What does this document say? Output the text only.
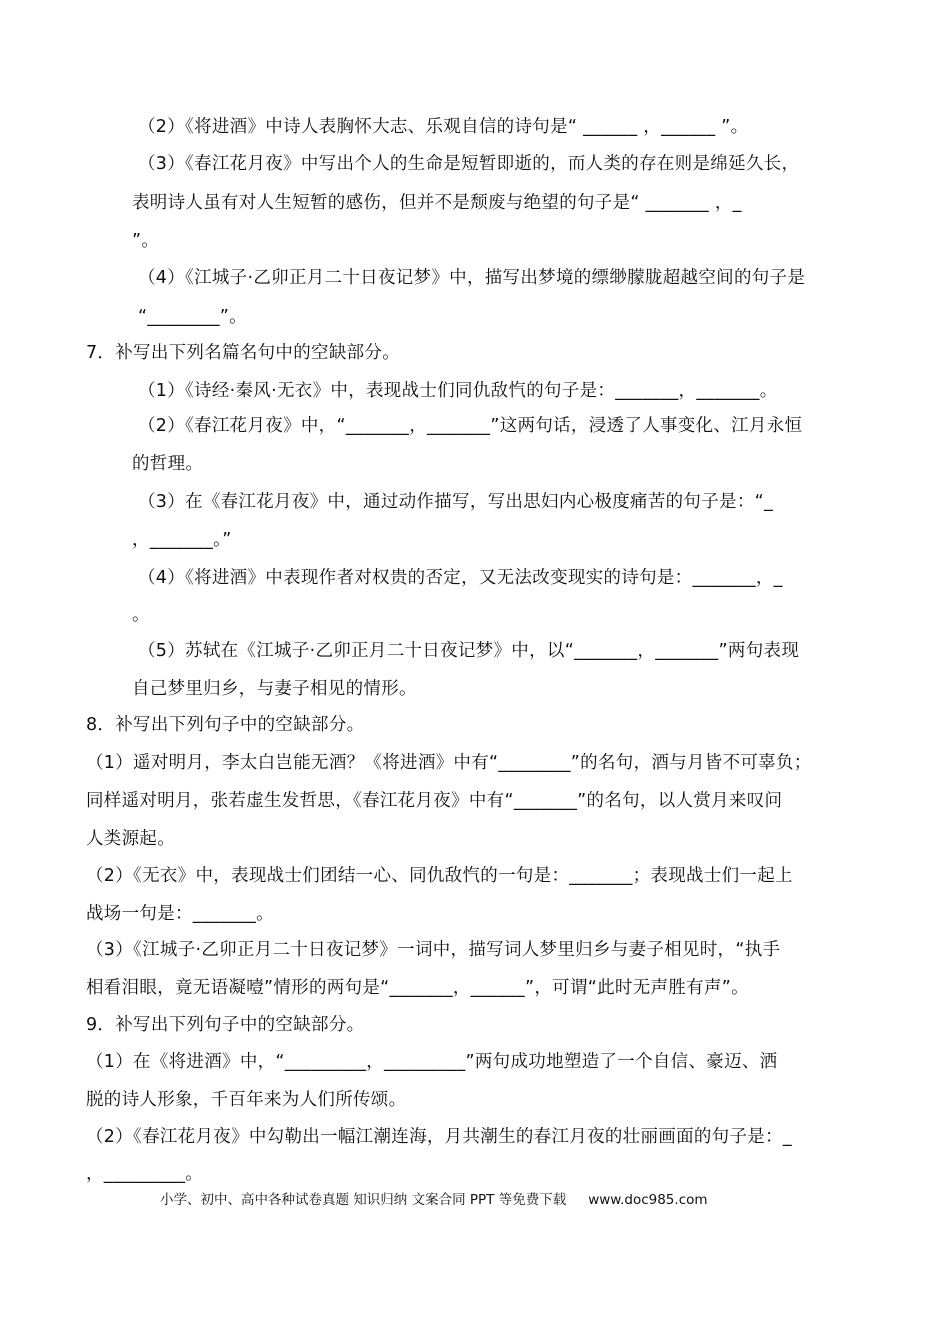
（2）《将进酒》中诗人表胸怀大志、乐观自信的诗句是“ ______ ，______ ”。
（3）《春江花月夜》中写出个人的生命是短暂即逝的，而人类的存在则是绵延久长，
表明诗人虽有对人生短暂的感伤，但并不是颓废与绝望的句子是“ _______ ，_
”。
（4）《江城子·乙卯正月二十日夜记梦》中，描写出梦境的缥缈朦胧超越空间的句子是
“________”。
7．补写出下列名篇名句中的空缺部分。
（1）《诗经·秦风·无衣》中，表现战士们同仇敌忾的句子是：_______，_______。
（2）《春江花月夜》中，“_______，_______”这两句话，浸透了人事变化、江月永恒
的哲理。
（3）在《春江花月夜》中，通过动作描写，写出思妇内心极度痛苦的句子是：“_
，_______。”
（4）《将进酒》中表现作者对权贵的否定，又无法改变现实的诗句是：_______，_
。
（5）苏轼在《江城子·乙卯正月二十日夜记梦》中，以“_______，_______”两句表现
自己梦里归乡，与妻子相见的情形。
8．补写出下列句子中的空缺部分。
（1）遥对明月，李太白岂能无酒？《将进酒》中有“________”的名句，酒与月皆不可辜负；
同样遥对明月，张若虚生发哲思，《春江花月夜》中有“_______”的名句，以人赏月来叹问
人类源起。
（2）《无衣》中，表现战士们团结一心、同仇敌忾的一句是：_______；表现战士们一起上
战场一句是：_______。
（3）《江城子·乙卯正月二十日夜记梦》一词中，描写词人梦里归乡与妻子相见时，“执手
相看泪眼，竟无语凝噎”情形的两句是“_______，______”，可谓“此时无声胜有声”。
9．补写出下列句子中的空缺部分。
（1）在《将进酒》中，“_________，_________”两句成功地塑造了一个自信、豪迈、洒
脱的诗人形象，千百年来为人们所传颂。
（2）《春江花月夜》中勾勒出一幅江潮连海，月共潮生的春江月夜的壮丽画面的句子是：_
，_________。
小学、初中、高中各种试卷真题 知识归纳 文案合同 PPT 等免费下载 www.doc985.com
